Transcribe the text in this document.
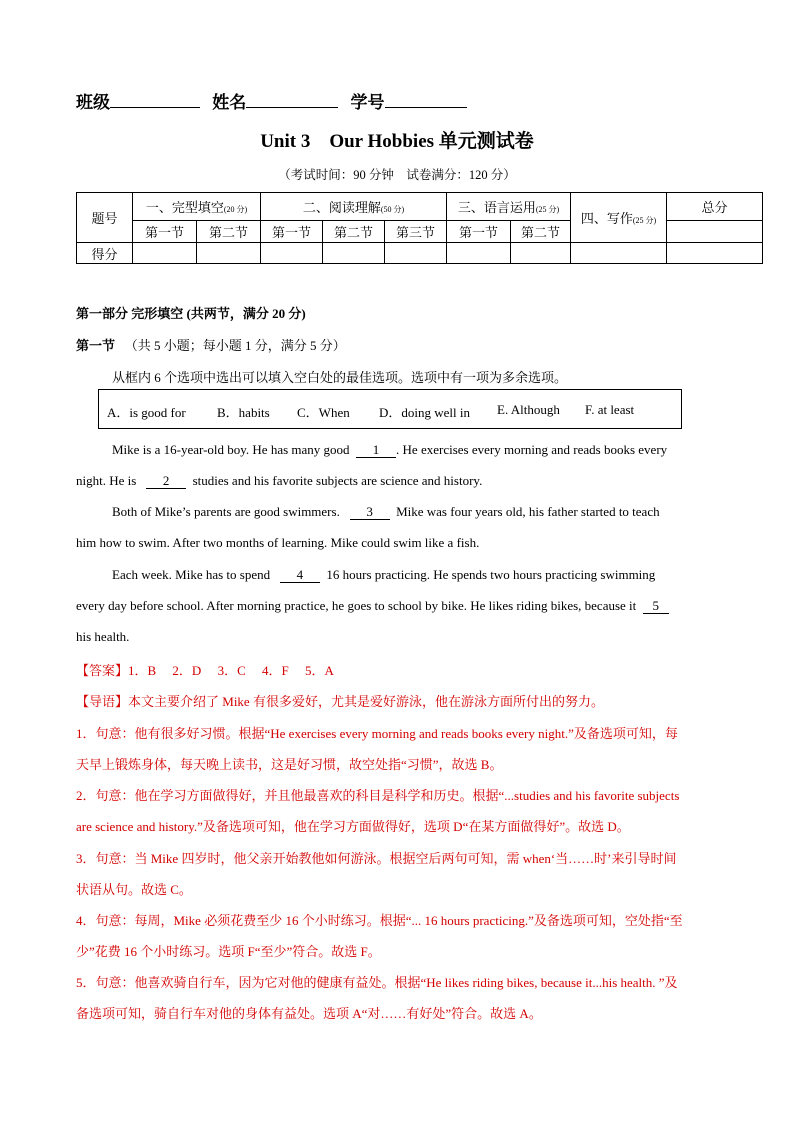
班级	姓名	学号
Unit 3　Our Hobbies 单元测试卷
（考试时间：90 分钟　试卷满分：120 分）
题号	一、完型填空(20 分)		二、阅读理解(50 分)			三、语言运用(25 分)		四、写作(25 分)	总分
	第一节	第二节	第一节	第二节	第三节	第一节	第二节		
得分									
第一部分 完形填空 (共两节，满分 20 分)
第一节 （共 5 小题；每小题 1 分，满分 5 分）
从框内 6 个选项中选出可以填入空白处的最佳选项。选项中有一项为多余选项。
A．is good for B．habits C．When D．doing well in E. Although F. at least
Mike is a 16-year-old boy. He has many good 1 . He exercises every morning and reads books every
night. He is 2 studies and his favorite subjects are science and history.
Both of Mike’s parents are good swimmers. 3 Mike was four years old, his father started to teach
him how to swim. After two months of learning. Mike could swim like a fish.
Each week. Mike has to spend 4 16 hours practicing. He spends two hours practicing swimming
every day before school. After morning practice, he goes to school by bike. He likes riding bikes, because it 5
his health.
【答案】1．B　 2．D　 3．C　 4．F　 5．A
【导语】本文主要介绍了 Mike 有很多爱好，尤其是爱好游泳，他在游泳方面所付出的努力。
1．句意：他有很多好习惯。根据“He exercises every morning and reads books every night.”及备选项可知，每
天早上锻炼身体，每天晚上读书，这是好习惯，故空处指“习惯”，故选 B。
2．句意：他在学习方面做得好，并且他最喜欢的科目是科学和历史。根据“...studies and his favorite subjects
are science and history.”及备选项可知，他在学习方面做得好，选项 D“在某方面做得好”。故选 D。
3．句意：当 Mike 四岁时，他父亲开始教他如何游泳。根据空后两句可知，需 when‘当……时’来引导时间
状语从句。故选 C。
4．句意：每周，Mike 必须花费至少 16 个小时练习。根据“... 16 hours practicing.”及备选项可知，空处指“至
少”花费 16 个小时练习。选项 F“至少”符合。故选 F。
5．句意：他喜欢骑自行车，因为它对他的健康有益处。根据“He likes riding bikes, because it...his health. ”及
备选项可知，骑自行车对他的身体有益处。选项 A“对……有好处”符合。故选 A。
